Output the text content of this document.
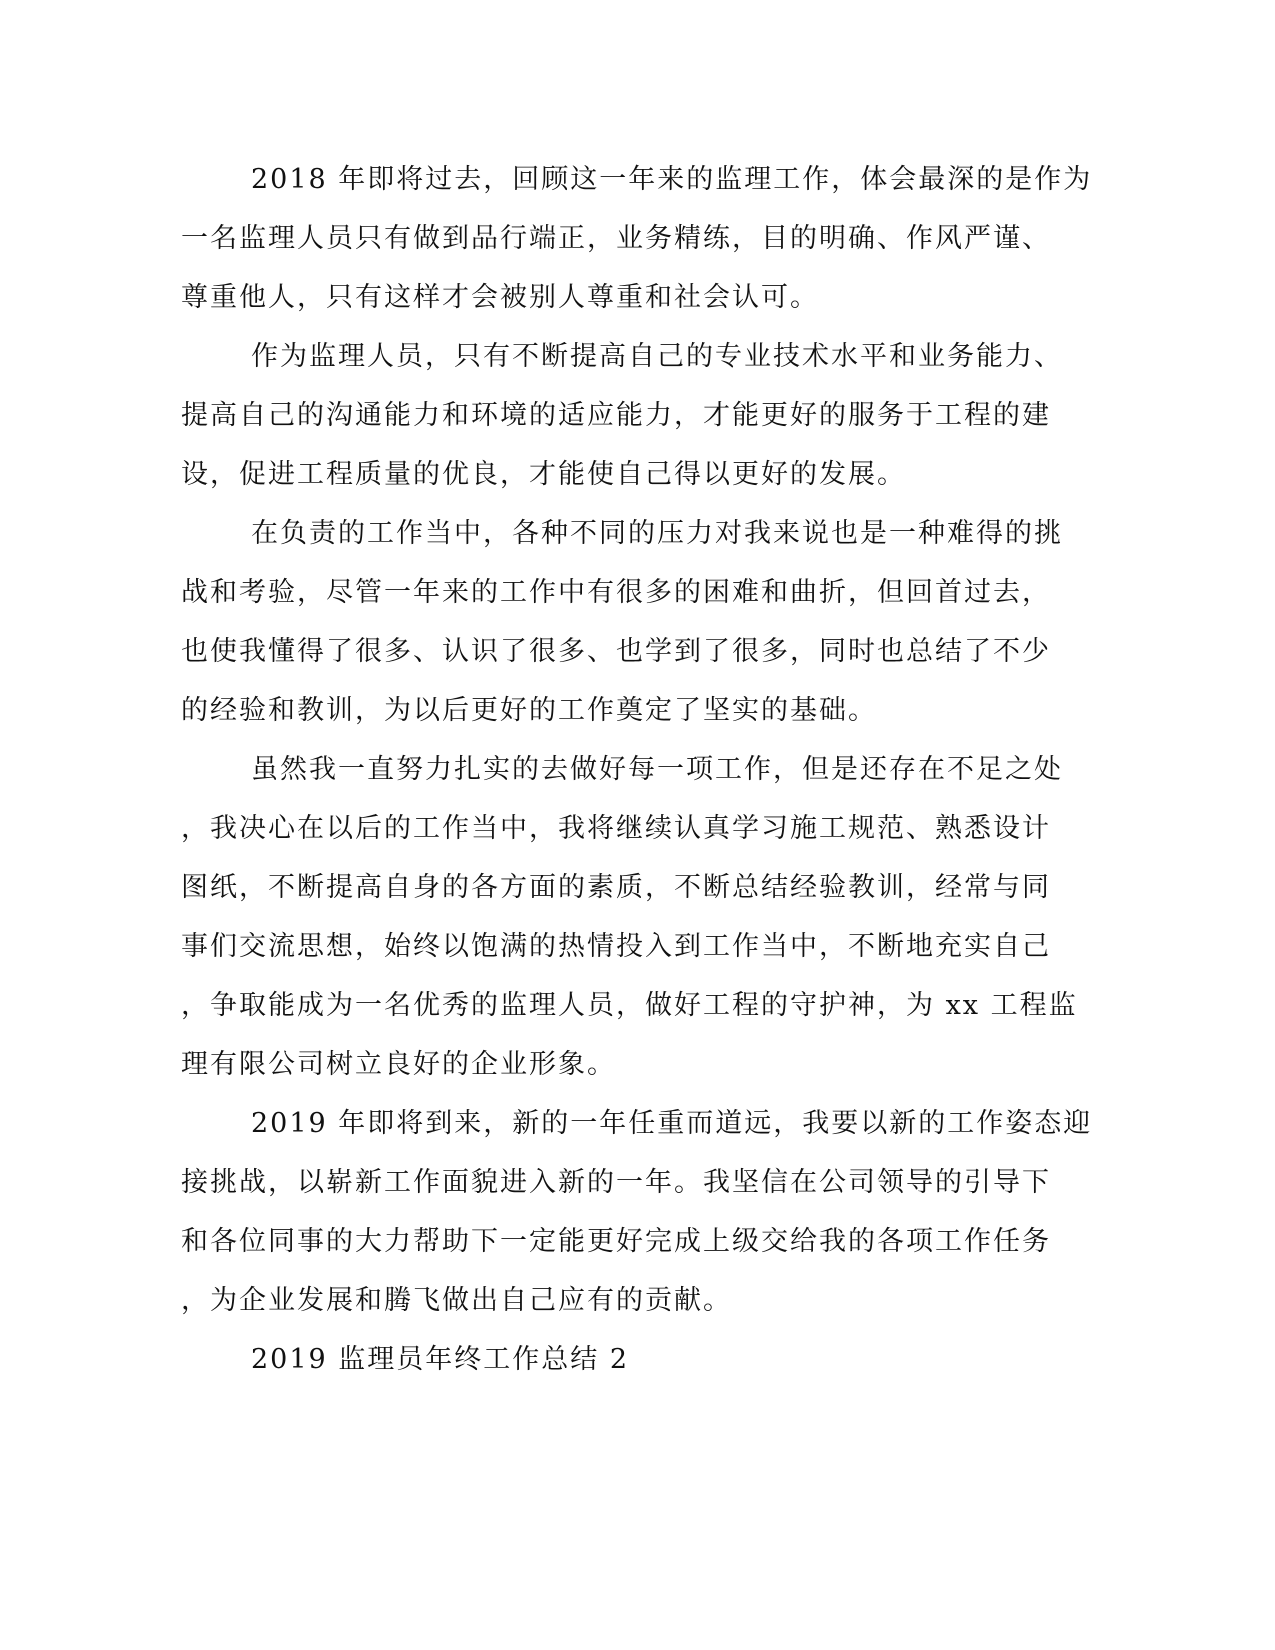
2018 年即将过去，回顾这一年来的监理工作，体会最深的是作为
一名监理人员只有做到品行端正，业务精练，目的明确、作风严谨、
尊重他人，只有这样才会被别人尊重和社会认可。
作为监理人员，只有不断提高自己的专业技术水平和业务能力、
提高自己的沟通能力和环境的适应能力，才能更好的服务于工程的建
设，促进工程质量的优良，才能使自己得以更好的发展。
在负责的工作当中，各种不同的压力对我来说也是一种难得的挑
战和考验，尽管一年来的工作中有很多的困难和曲折，但回首过去，
也使我懂得了很多、认识了很多、也学到了很多，同时也总结了不少
的经验和教训，为以后更好的工作奠定了坚实的基础。
虽然我一直努力扎实的去做好每一项工作，但是还存在不足之处
，我决心在以后的工作当中，我将继续认真学习施工规范、熟悉设计
图纸，不断提高自身的各方面的素质，不断总结经验教训，经常与同
事们交流思想，始终以饱满的热情投入到工作当中，不断地充实自己
，争取能成为一名优秀的监理人员，做好工程的守护神，为 xx 工程监
理有限公司树立良好的企业形象。
2019 年即将到来，新的一年任重而道远，我要以新的工作姿态迎
接挑战，以崭新工作面貌进入新的一年。我坚信在公司领导的引导下
和各位同事的大力帮助下一定能更好完成上级交给我的各项工作任务
，为企业发展和腾飞做出自己应有的贡献。
2019 监理员年终工作总结 2
